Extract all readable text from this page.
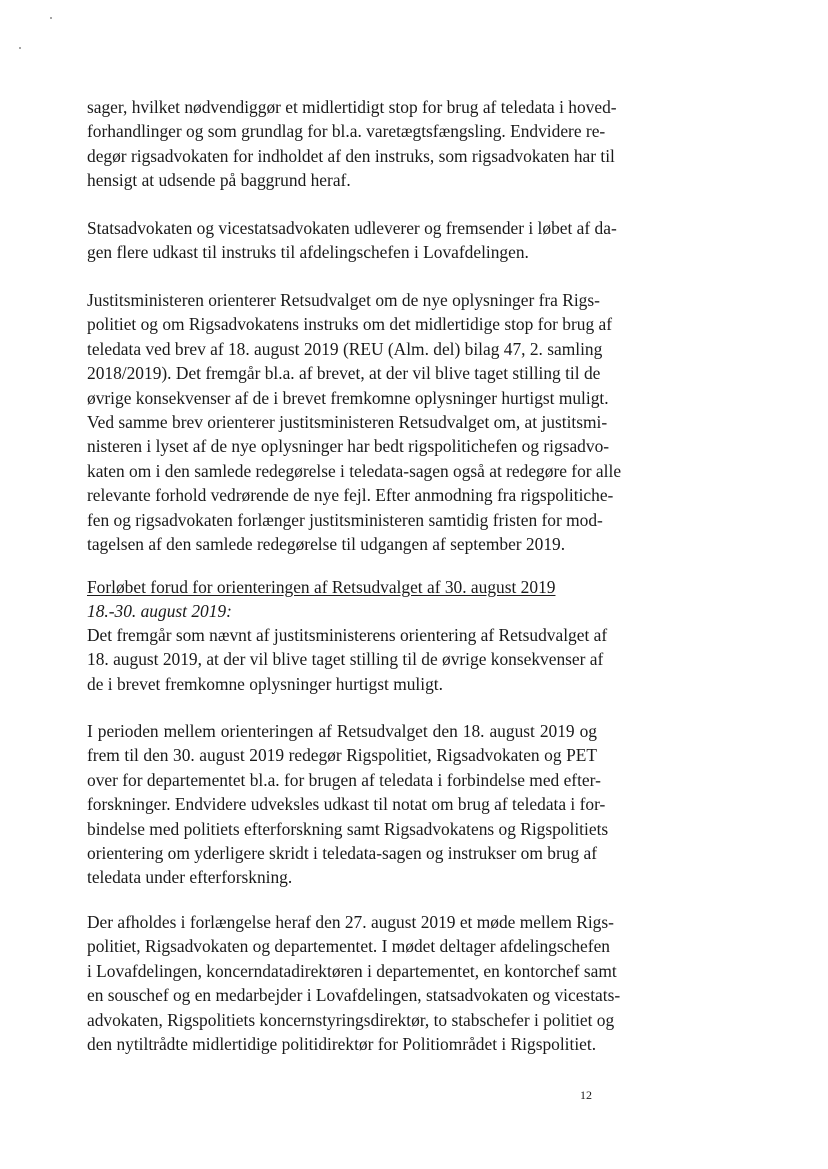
sager, hvilket nødvendiggør et midlertidigt stop for brug af teledata i hoved-
forhandlinger og som grundlag for bl.a. varetægtsfængsling. Endvidere re-
degør rigsadvokaten for indholdet af den instruks, som rigsadvokaten har til
hensigt at udsende på baggrund heraf.
Statsadvokaten og vicestatsadvokaten udleverer og fremsender i løbet af da-
gen flere udkast til instruks til afdelingschefen i Lovafdelingen.
Justitsministeren orienterer Retsudvalget om de nye oplysninger fra Rigs-
politiet og om Rigsadvokatens instruks om det midlertidige stop for brug af
teledata ved brev af 18. august 2019 (REU (Alm. del) bilag 47, 2. samling
2018/2019). Det fremgår bl.a. af brevet, at der vil blive taget stilling til de
øvrige konsekvenser af de i brevet fremkomne oplysninger hurtigst muligt.
Ved samme brev orienterer justitsministeren Retsudvalget om, at justitsmi-
nisteren i lyset af de nye oplysninger har bedt rigspolitichefen og rigsadvo-
katen om i den samlede redegørelse i teledata-sagen også at redegøre for alle
relevante forhold vedrørende de nye fejl. Efter anmodning fra rigspolitiche-
fen og rigsadvokaten forlænger justitsministeren samtidig fristen for mod-
tagelsen af den samlede redegørelse til udgangen af september 2019.
Forløbet forud for orienteringen af Retsudvalget af 30. august 2019
18.-30. august 2019:
Det fremgår som nævnt af justitsministerens orientering af Retsudvalget af
18. august 2019, at der vil blive taget stilling til de øvrige konsekvenser af
de i brevet fremkomne oplysninger hurtigst muligt.
I perioden mellem orienteringen af Retsudvalget den 18. august 2019 og
frem til den 30. august 2019 redegør Rigspolitiet, Rigsadvokaten og PET
over for departementet bl.a. for brugen af teledata i forbindelse med efter-
forskninger. Endvidere udveksles udkast til notat om brug af teledata i for-
bindelse med politiets efterforskning samt Rigsadvokatens og Rigspolitiets
orientering om yderligere skridt i teledata-sagen og instrukser om brug af
teledata under efterforskning.
Der afholdes i forlængelse heraf den 27. august 2019 et møde mellem Rigs-
politiet, Rigsadvokaten og departementet. I mødet deltager afdelingschefen
i Lovafdelingen, koncerndatadirektøren i departementet, en kontorchef samt
en souschef og en medarbejder i Lovafdelingen, statsadvokaten og vicestats-
advokaten, Rigspolitiets koncernstyringsdirektør, to stabschefer i politiet og
den nytiltrådte midlertidige politidirektør for Politiområdet i Rigspolitiet.
12
